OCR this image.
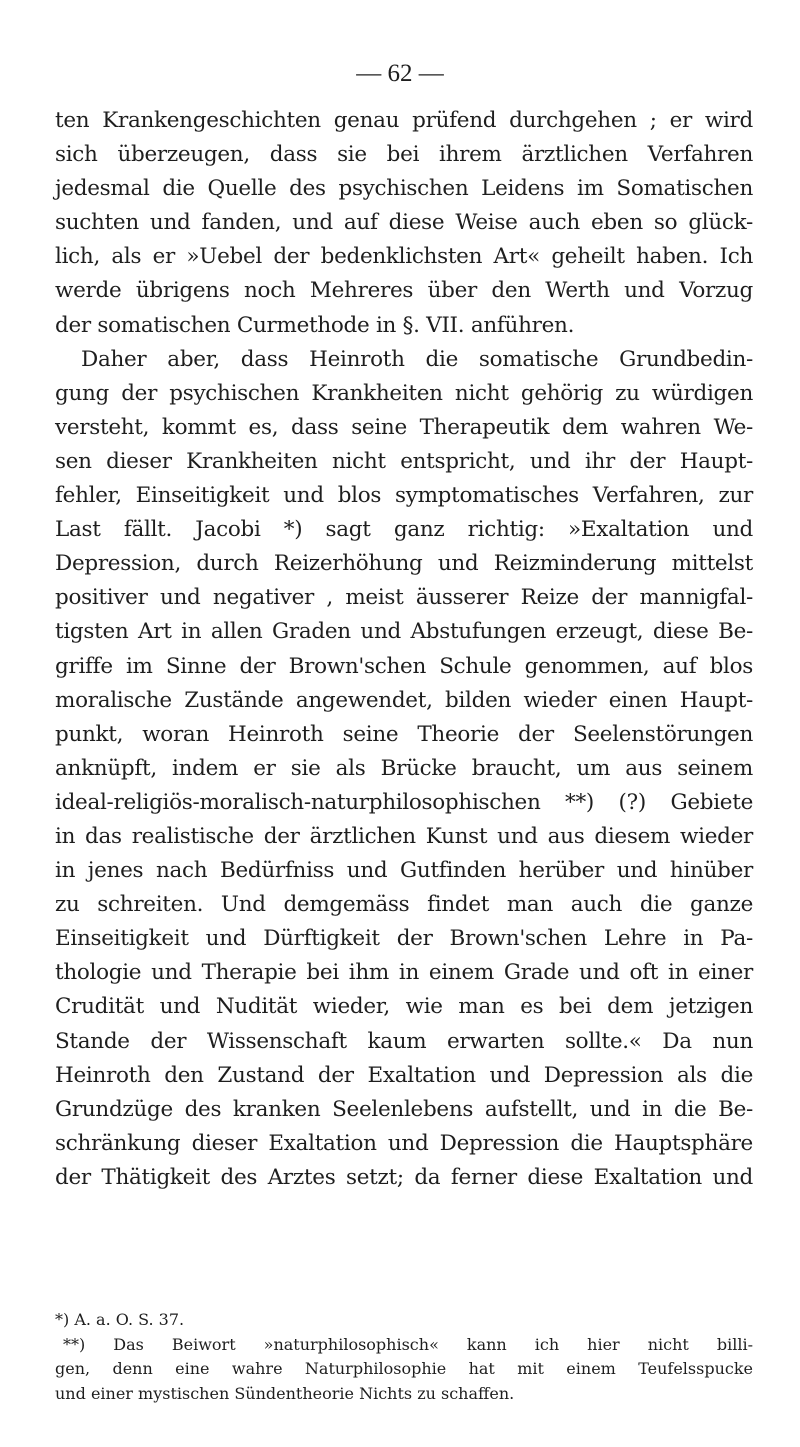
— 62 —
ten Krankengeschichten genau prüfend durchgehen ; er wird
sich überzeugen, dass sie bei ihrem ärztlichen Verfahren
jedesmal die Quelle des psychischen Leidens im Somatischen
suchten und fanden, und auf diese Weise auch eben so glück-
lich, als er »Uebel der bedenklichsten Art« geheilt haben. Ich
werde übrigens noch Mehreres über den Werth und Vorzug
der somatischen Curmethode in §. VII. anführen.
Daher aber, dass Heinroth die somatische Grundbedin-
gung der psychischen Krankheiten nicht gehörig zu würdigen
versteht, kommt es, dass seine Therapeutik dem wahren We-
sen dieser Krankheiten nicht entspricht, und ihr der Haupt-
fehler, Einseitigkeit und blos symptomatisches Verfahren, zur
Last fällt. Jacobi *) sagt ganz richtig: »Exaltation und
Depression, durch Reizerhöhung und Reizminderung mittelst
positiver und negativer , meist äusserer Reize der mannigfal-
tigsten Art in allen Graden und Abstufungen erzeugt, diese Be-
griffe im Sinne der Brown'schen Schule genommen, auf blos
moralische Zustände angewendet, bilden wieder einen Haupt-
punkt, woran Heinroth seine Theorie der Seelenstörungen
anknüpft, indem er sie als Brücke braucht, um aus seinem
ideal-religiös-moralisch-naturphilosophischen **) (?) Gebiete
in das realistische der ärztlichen Kunst und aus diesem wieder
in jenes nach Bedürfniss und Gutfinden herüber und hinüber
zu schreiten. Und demgemäss findet man auch die ganze
Einseitigkeit und Dürftigkeit der Brown'schen Lehre in Pa-
thologie und Therapie bei ihm in einem Grade und oft in einer
Crudität und Nudität wieder, wie man es bei dem jetzigen
Stande der Wissenschaft kaum erwarten sollte.« Da nun
Heinroth den Zustand der Exaltation und Depression als die
Grundzüge des kranken Seelenlebens aufstellt, und in die Be-
schränkung dieser Exaltation und Depression die Hauptsphäre
der Thätigkeit des Arztes setzt; da ferner diese Exaltation und
*) A. a. O. S. 37.
**) Das Beiwort »naturphilosophisch« kann ich hier nicht billi-
gen, denn eine wahre Naturphilosophie hat mit einem Teufelsspucke
und einer mystischen Sündentheorie Nichts zu schaffen.
